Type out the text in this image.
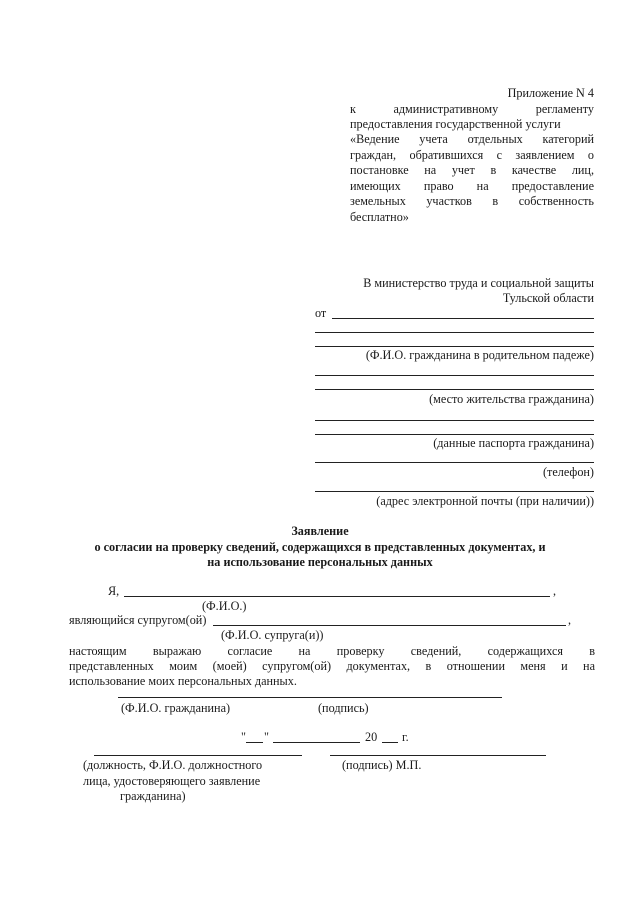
Приложение N 4
к административному регламенту
предоставления государственной услуги
«Ведение учета отдельных категорий
граждан, обратившихся с заявлением о
постановке на учет в качестве лиц,
имеющих право на предоставление
земельных участков в собственность
бесплатно»
В министерство труда и социальной защиты
Тульской области
от
(Ф.И.О. гражданина в родительном падеже)
(место жительства гражданина)
(данные паспорта гражданина)
(телефон)
(адрес электронной почты (при наличии))
Заявление
о согласии на проверку сведений, содержащихся в представленных документах, и
на использование персональных данных
Я,	,
(Ф.И.О.)
являющийся супругом(ой)	,
(Ф.И.О. супруга(и))
настоящим выражаю согласие на проверку сведений, содержащихся в
представленных моим (моей) супругом(ой) документах, в отношении меня и на
использование моих персональных данных.
(Ф.И.О. гражданина)	(подпись)
" "	20 г.
(должность, Ф.И.О. должностного	(подпись) М.П.
лица, удостоверяющего заявление
гражданина)
